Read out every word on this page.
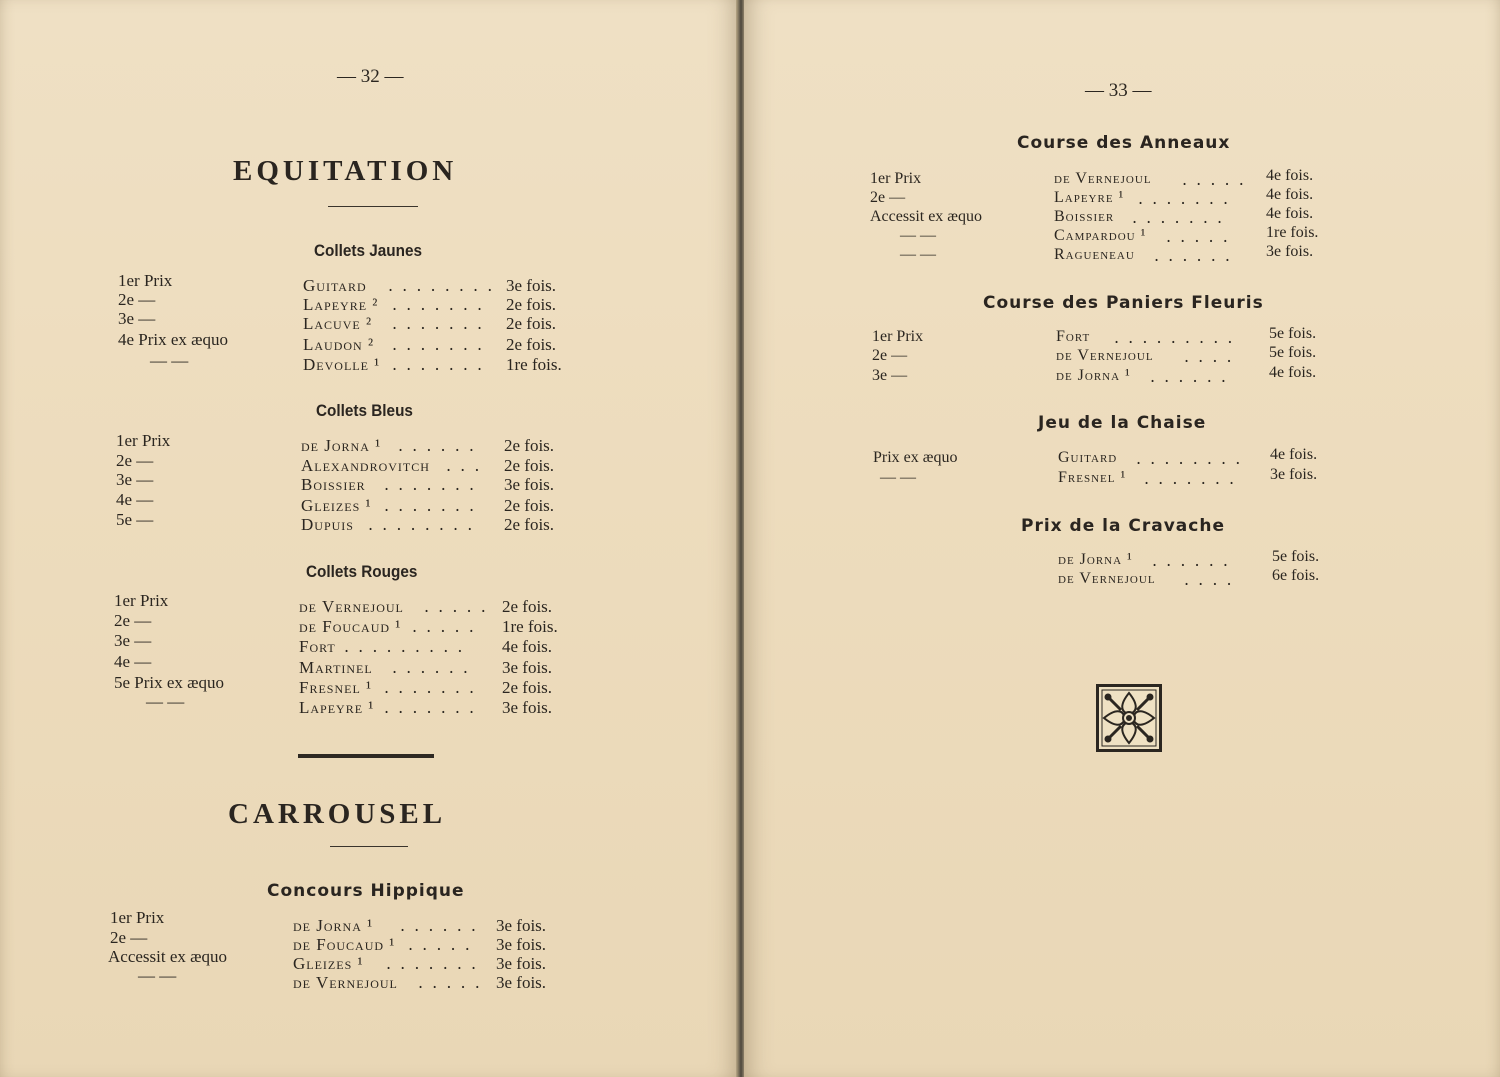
— 32 —
EQUITATION
Collets Jaunes
1er Prix	Guitard . . . . . . . . 3e fois.
2e —	Lapeyre ² . . . . . . . 2e fois.
3e —	Lacuve ² . . . . . . . 2e fois.
4e Prix ex æquo	Laudon ² . . . . . . . 2e fois.
— —	Devolle ¹ . . . . . . . 1re fois.
Collets Bleus
1er Prix	de Jorna ¹ . . . . . . 2e fois.
2e —	Alexandrovitch . . . 2e fois.
3e —	Boissier . . . . . . . 3e fois.
4e —	Gleizes ¹ . . . . . . . 2e fois.
5e —	Dupuis . . . . . . . . 2e fois.
Collets Rouges
1er Prix	de Vernejoul . . . . . 2e fois.
2e —	de Foucaud ¹ . . . . . 1re fois.
3e —	Fort . . . . . . . . . 4e fois.
4e —	Martinel . . . . . . 3e fois.
5e Prix ex æquo	Fresnel ¹ . . . . . . . 2e fois.
— —	Lapeyre ¹ . . . . . . . 3e fois.
CARROUSEL
Concours Hippique
1er Prix	de Jorna ¹ . . . . . . 3e fois.
2e —	de Foucaud ¹ . . . . . 3e fois.
Accessit ex æquo	Gleizes ¹ . . . . . . . 3e fois.
— —	de Vernejoul . . . . . 3e fois.
— 33 —
Course des Anneaux
1er Prix	de Vernejoul . . . . . 4e fois.
2e —	Lapeyre ¹ . . . . . . . 4e fois.
Accessit ex æquo	Boissier . . . . . . .	4e fois.
— —	Campardou ¹ . . . . . 1re fois.
— —	Ragueneau . . . . . . 3e fois.
Course des Paniers Fleuris
1er Prix	Fort . . . . . . . . . 5e fois.
2e —	de Vernejoul . . . . 5e fois.
3e —	de Jorna ¹ . . . . . .	4e fois.
Jeu de la Chaise
Prix ex æquo	Guitard . . . . . . . . 4e fois.
— —	Fresnel ¹ . . . . . . . 3e fois.
Prix de la Cravache
de Jorna ¹ . . . . . .	5e fois.
de Vernejoul . . . . 6e fois.
